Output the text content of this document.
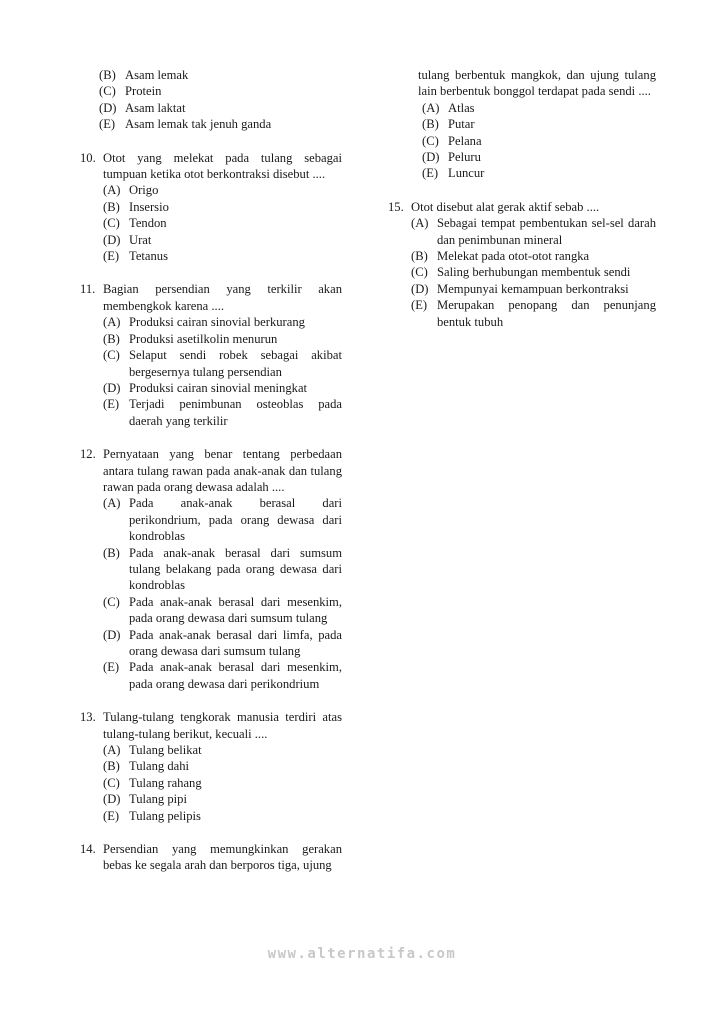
(B) Asam lemak
(C) Protein
(D) Asam laktat
(E) Asam lemak tak jenuh ganda
10. Otot yang melekat pada tulang sebagai tumpuan ketika otot berkontraksi disebut ....
(A) Origo
(B) Insersio
(C) Tendon
(D) Urat
(E) Tetanus
11. Bagian persendian yang terkilir akan membengkok karena ....
(A) Produksi cairan sinovial berkurang
(B) Produksi asetilkolin menurun
(C) Selaput sendi robek sebagai akibat bergesernya tulang persendian
(D) Produksi cairan sinovial meningkat
(E) Terjadi penimbunan osteoblas pada daerah yang terkilir
12. Pernyataan yang benar tentang perbedaan antara tulang rawan pada anak-anak dan tulang rawan pada orang dewasa adalah ....
(A) Pada anak-anak berasal dari perikondrium, pada orang dewasa dari kondroblas
(B) Pada anak-anak berasal dari sumsum tulang belakang pada orang dewasa dari kondroblas
(C) Pada anak-anak berasal dari mesenkim, pada orang dewasa dari sumsum tulang
(D) Pada anak-anak berasal dari limfa, pada orang dewasa dari sumsum tulang
(E) Pada anak-anak berasal dari mesenkim, pada orang dewasa dari perikondrium
13. Tulang-tulang tengkorak manusia terdiri atas tulang-tulang berikut, kecuali ....
(A) Tulang belikat
(B) Tulang dahi
(C) Tulang rahang
(D) Tulang pipi
(E) Tulang pelipis
14. Persendian yang memungkinkan gerakan bebas ke segala arah dan berporos tiga, ujung
tulang berbentuk mangkok, dan ujung tulang lain berbentuk bonggol terdapat pada sendi ....
(A) Atlas
(B) Putar
(C) Pelana
(D) Peluru
(E) Luncur
15. Otot disebut alat gerak aktif sebab ....
(A) Sebagai tempat pembentukan sel-sel darah dan penimbunan mineral
(B) Melekat pada otot-otot rangka
(C) Saling berhubungan membentuk sendi
(D) Mempunyai kemampuan berkontraksi
(E) Merupakan penopang dan penunjang bentuk tubuh
www.alternatifa.com
